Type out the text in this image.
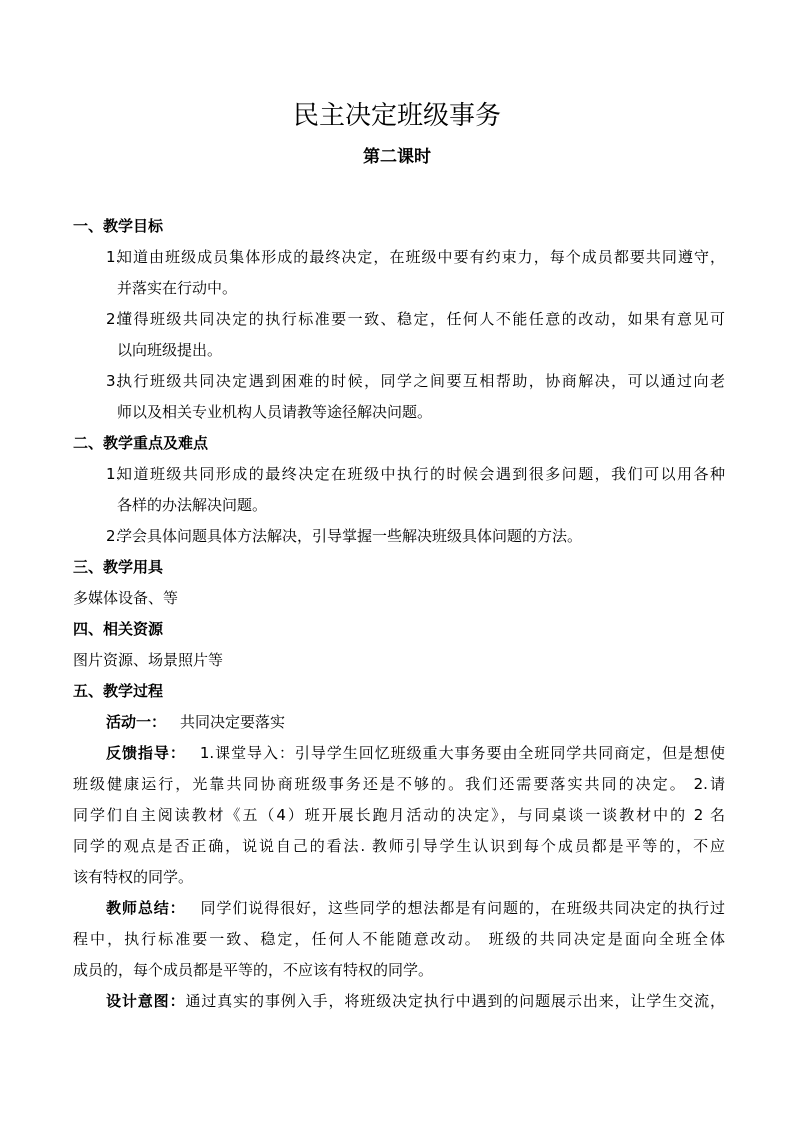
民主决定班级事务
第二课时
一、教学目标
1.
知道由班级成员集体形成的最终决定，在班级中要有约束力，每个成员都要共同遵守，
并落实在行动中。
2.
懂得班级共同决定的执行标准要一致、稳定，任何人不能任意的改动，如果有意见可
以向班级提出。
3.
执行班级共同决定遇到困难的时候，同学之间要互相帮助，协商解决，可以通过向老
师以及相关专业机构人员请教等途径解决问题。
二、教学重点及难点
1.
知道班级共同形成的最终决定在班级中执行的时候会遇到很多问题，我们可以用各种
各样的办法解决问题。
2.
学会具体问题具体方法解决，引导掌握一些解决班级具体问题的方法。
三、教学用具
多媒体设备、等
四、相关资源
图片资源、场景照片等
五、教学过程
活动一： 共同决定要落实
反馈指导： 1.课堂导入：引导学生回忆班级重大事务要由全班同学共同商定，但是想使
班级健康运行，光靠共同协商班级事务还是不够的。我们还需要落实共同的决定。 2.请
同学们自主阅读教材《五（4）班开展长跑月活动的决定》，与同桌谈一谈教材中的 2 名
同学的观点是否正确，说说自己的看法. 教师引导学生认识到每个成员都是平等的，不应
该有特权的同学。
教师总结： 同学们说得很好，这些同学的想法都是有问题的，在班级共同决定的执行过
程中，执行标准要一致、稳定，任何人不能随意改动。 班级的共同决定是面向全班全体
成员的，每个成员都是平等的，不应该有特权的同学。
设计意图：通过真实的事例入手，将班级决定执行中遇到的问题展示出来，让学生交流，
